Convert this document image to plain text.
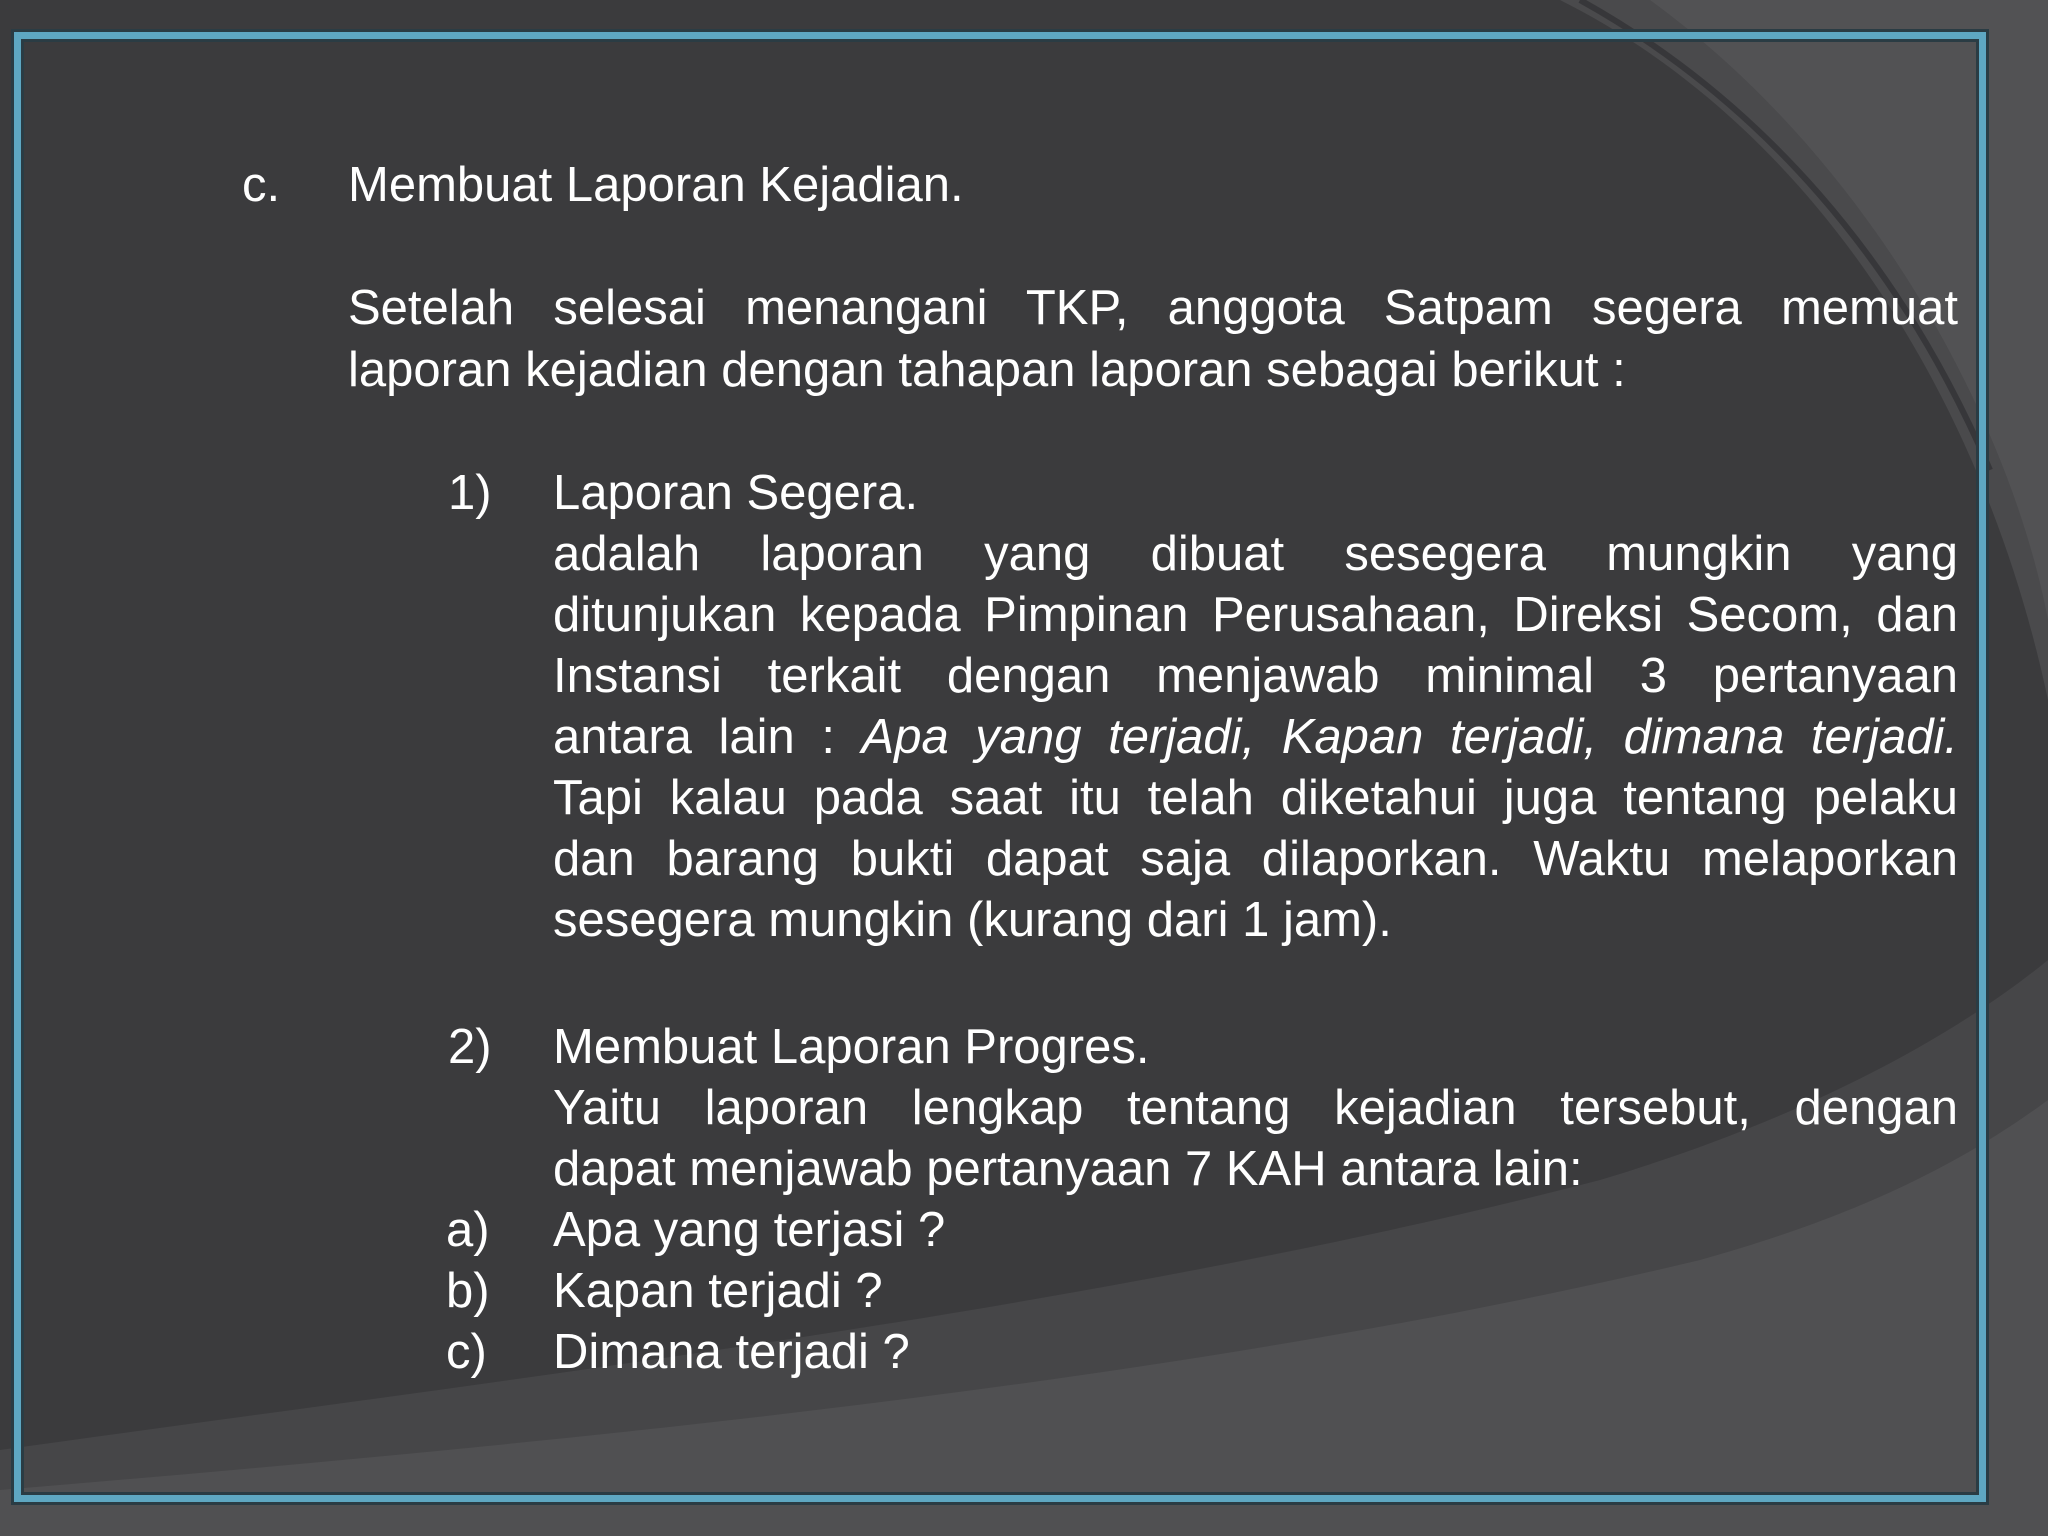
c. Membuat Laporan Kejadian.
Setelah selesai menangani TKP, anggota Satpam segera memuat
laporan kejadian dengan tahapan laporan sebagai berikut :
1) Laporan Segera.
adalah laporan yang dibuat sesegera mungkin yang
ditunjukan kepada Pimpinan Perusahaan, Direksi Secom, dan
Instansi terkait dengan menjawab minimal 3 pertanyaan
antara lain : Apa yang terjadi, Kapan terjadi, dimana terjadi.
Tapi kalau pada saat itu telah diketahui juga tentang pelaku
dan barang bukti dapat saja dilaporkan. Waktu melaporkan
sesegera mungkin (kurang dari 1 jam).
2) Membuat Laporan Progres.
Yaitu laporan lengkap tentang kejadian tersebut, dengan
dapat menjawab pertanyaan 7 KAH antara lain:
a) Apa yang terjasi ?
b) Kapan terjadi ?
c) Dimana terjadi ?
